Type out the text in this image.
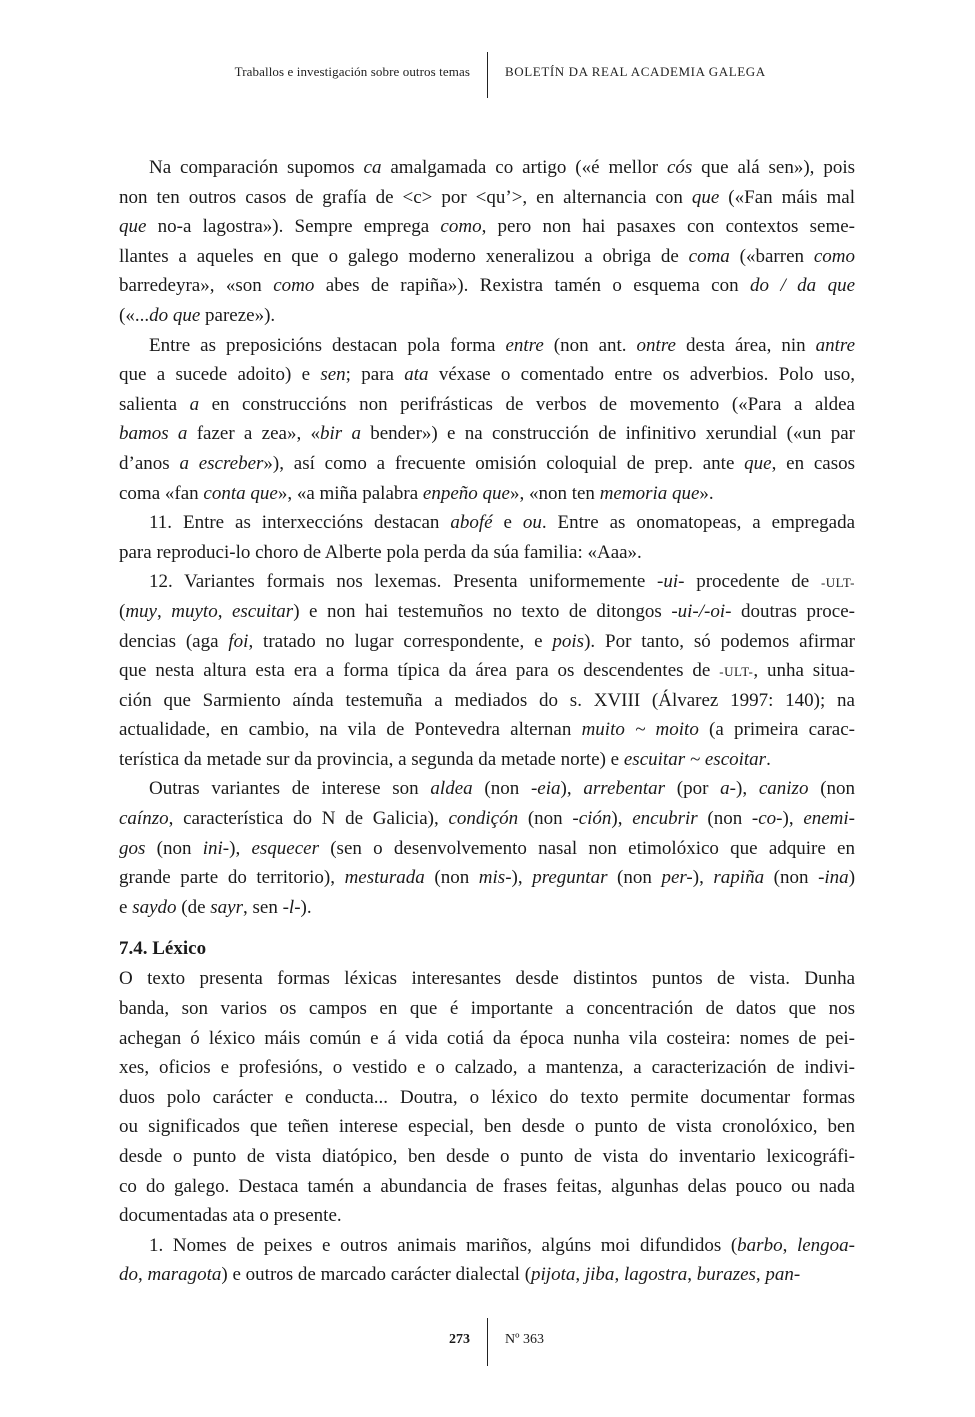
Traballos e investigación sobre outros temas	BOLETÍN DA REAL ACADEMIA GALEGA
Na comparación supomos ca amalgamada co artigo («é mellor cós que alá sen»), pois
non ten outros casos de grafía de <c> por <qu’>, en alternancia con que («Fan máis mal
que no-a lagostra»). Sempre emprega como, pero non hai pasaxes con contextos seme-
llantes a aqueles en que o galego moderno xeneralizou a obriga de coma («barren como
barredeyra», «son como abes de rapiña»). Rexistra tamén o esquema con do / da que
(«...do que pareze»).
Entre as preposicións destacan pola forma entre (non ant. ontre desta área, nin antre
que a sucede adoito) e sen; para ata véxase o comentado entre os adverbios. Polo uso,
salienta a en construccións non perifrásticas de verbos de movemento («Para a aldea
bamos a fazer a zea», «bir a bender») e na construcción de infinitivo xerundial («un par
d’anos a escreber»), así como a frecuente omisión coloquial de prep. ante que, en casos
coma «fan conta que», «a miña palabra enpeño que», «non ten memoria que».
11. Entre as interxeccións destacan abofé e ou. Entre as onomatopeas, a empregada
para reproduci-lo choro de Alberte pola perda da súa familia: «Aaa».
12. Variantes formais nos lexemas. Presenta uniformemente -ui- procedente de -ULT-
(muy, muyto, escuitar) e non hai testemuños no texto de ditongos -ui-/-oi- doutras proce-
dencias (aga foi, tratado no lugar correspondente, e pois). Por tanto, só podemos afirmar
que nesta altura esta era a forma típica da área para os descendentes de -ULT-, unha situa-
ción que Sarmiento aínda testemuña a mediados do s. XVIII (Álvarez 1997: 140); na
actualidade, en cambio, na vila de Pontevedra alternan muito ~ moito (a primeira carac-
terística da metade sur da provincia, a segunda da metade norte) e escuitar ~ escoitar.
Outras variantes de interese son aldea (non -eia), arrebentar (por a-), canizo (non
caínzo, característica do N de Galicia), condiçón (non -ción), encubrir (non -co-), enemi-
gos (non ini-), esquecer (sen o desenvolvemento nasal non etimolóxico que adquire en
grande parte do territorio), mesturada (non mis-), preguntar (non per-), rapiña (non -ina)
e saydo (de sayr, sen -l-).
7.4. Léxico
O texto presenta formas léxicas interesantes desde distintos puntos de vista. Dunha
banda, son varios os campos en que é importante a concentración de datos que nos
achegan ó léxico máis común e á vida cotiá da época nunha vila costeira: nomes de pei-
xes, oficios e profesións, o vestido e o calzado, a mantenza, a caracterización de indivi-
duos polo carácter e conducta... Doutra, o léxico do texto permite documentar formas
ou significados que teñen interese especial, ben desde o punto de vista cronolóxico, ben
desde o punto de vista diatópico, ben desde o punto de vista do inventario lexicográfi-
co do galego. Destaca tamén a abundancia de frases feitas, algunhas delas pouco ou nada
documentadas ata o presente.
1. Nomes de peixes e outros animais mariños, algúns moi difundidos (barbo, lengoa-
do, maragota) e outros de marcado carácter dialectal (pijota, jiba, lagostra, burazes, pan-
273	Nº 363
